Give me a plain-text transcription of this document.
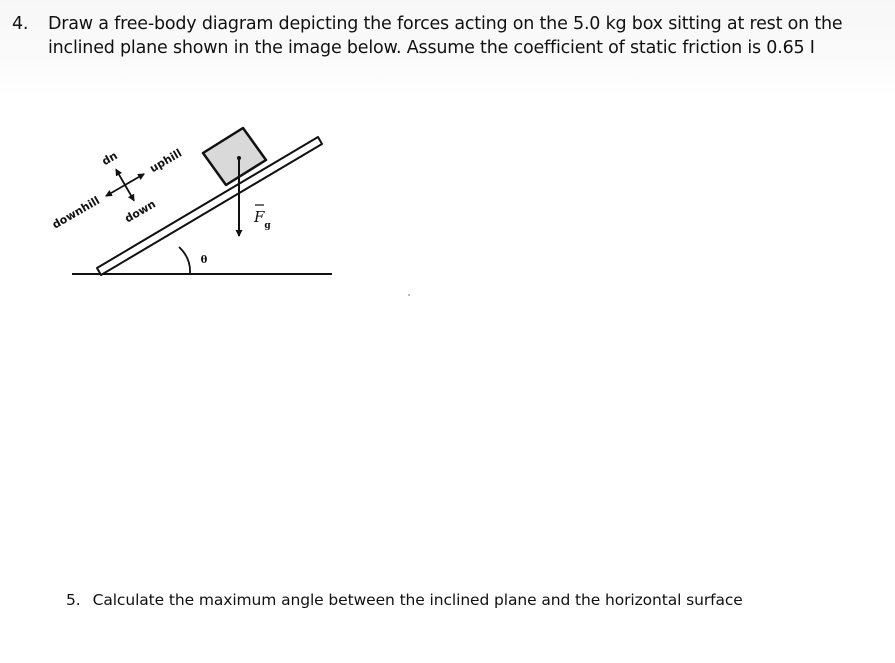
4. Draw a free-body diagram depicting the forces acting on the 5.0 kg box sitting at rest on the
inclined plane shown in the image below. Assume the coefficient of static friction is 0.65 I
$F_g$
θ
up
down
uphill
downhill
5. Calculate the maximum angle between the inclined plane and the horizontal surface
